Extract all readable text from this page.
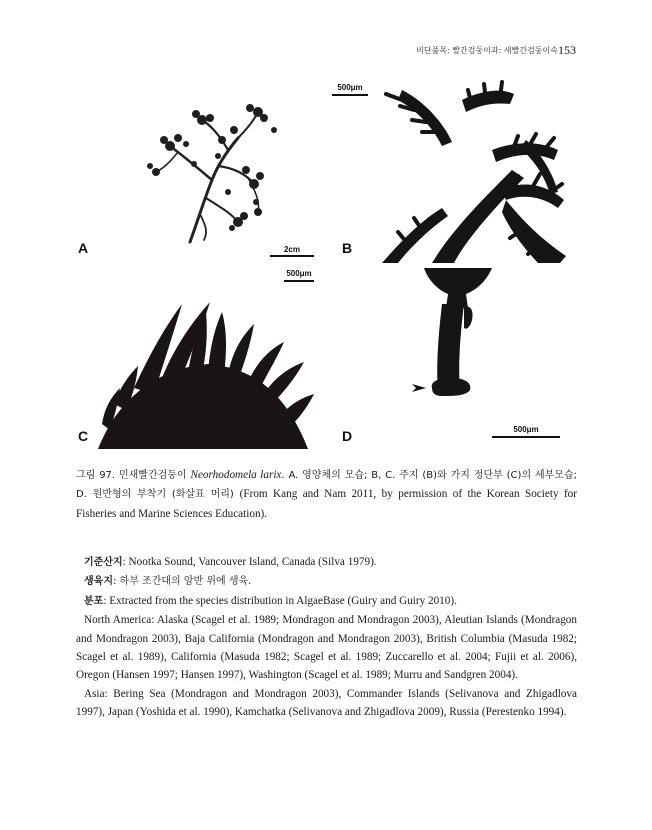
비단풀목: 빨간검둥이과: 새빨간검둥이속 153
A	2cm
500μm
B
500μm
C	D	500μm
그림 97. 민새빨간검둥이 Neorhodomela larix. A. 영양체의 모습; B, C. 주지 (B)와 가지 정단부 (C)의 세부모습; D. 원반형의 부착기 (화살표 머리) (From Kang and Nam 2011, by permission of the Korean Society for Fisheries and Marine Sciences Education).

기준산지: Nootka Sound, Vancouver Island, Canada (Silva 1979).

생육지: 하부 조간대의 암반 위에 생육.

분포: Extracted from the species distribution in AlgaeBase (Guiry and Guiry 2010).

North America: Alaska (Scagel et al. 1989; Mondragon and Mondragon 2003), Aleutian Islands (Mondragon and Mondragon 2003), Baja California (Mondragon and Mondragon 2003), British Columbia (Masuda 1982; Scagel et al. 1989), California (Masuda 1982; Scagel et al. 1989; Zuccarello et al. 2004; Fujii et al. 2006), Oregon (Hansen 1997; Hansen 1997), Washington (Scagel et al. 1989; Murru and Sandgren 2004).

Asia: Bering Sea (Mondragon and Mondragon 2003), Commander Islands (Selivanova and Zhigadlova 1997), Japan (Yoshida et al. 1990), Kamchatka (Selivanova and Zhigadlova 2009), Russia (Perestenko 1994).
